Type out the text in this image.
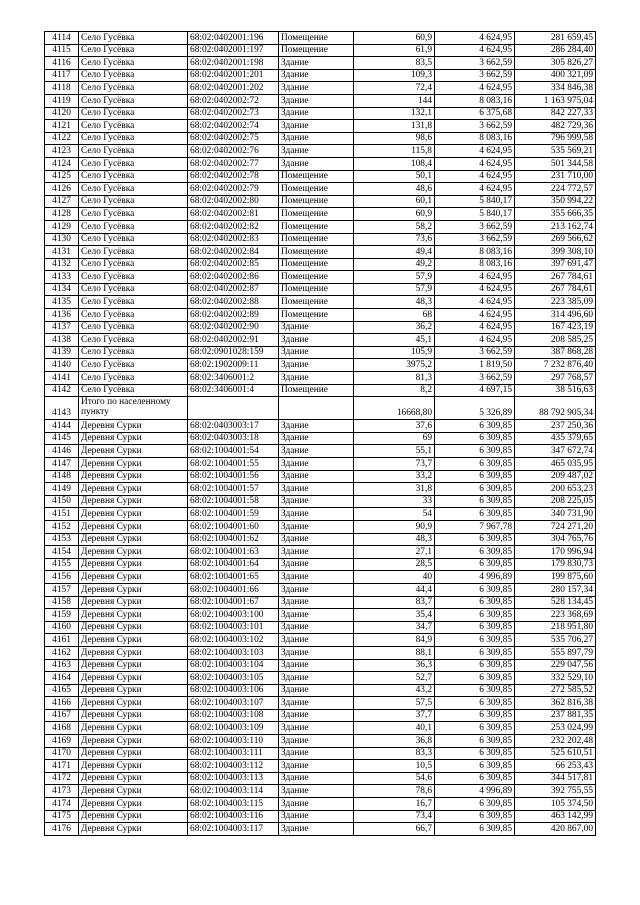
4114	Село Гусёвка	68:02:0402001:196	Помещение	60,9	4 624,95	281 659,45
4115	Село Гусёвка	68:02:0402001:197	Помещение	61,9	4 624,95	286 284,40
4116	Село Гусёвка	68:02:0402001:198	Здание	83,5	3 662,59	305 826,27
4117	Село Гусёвка	68:02:0402001:201	Здание	109,3	3 662,59	400 321,09
4118	Село Гусёвка	68:02:0402001:202	Здание	72,4	4 624,95	334 846,38
4119	Село Гусёвка	68:02:0402002:72	Здание	144	8 083,16	1 163 975,04
4120	Село Гусёвка	68:02:0402002:73	Здание	132,1	6 375,68	842 227,33
4121	Село Гусёвка	68:02:0402002:74	Здание	131,8	3 662,59	482 729,36
4122	Село Гусёвка	68:02:0402002:75	Здание	98,6	8 083,16	796 999,58
4123	Село Гусёвка	68:02:0402002:76	Здание	115,8	4 624,95	535 569,21
4124	Село Гусёвка	68:02:0402002:77	Здание	108,4	4 624,95	501 344,58
4125	Село Гусёвка	68:02:0402002:78	Помещение	50,1	4 624,95	231 710,00
4126	Село Гусёвка	68:02:0402002:79	Помещение	48,6	4 624,95	224 772,57
4127	Село Гусёвка	68:02:0402002:80	Помещение	60,1	5 840,17	350 994,22
4128	Село Гусёвка	68:02:0402002:81	Помещение	60,9	5 840,17	355 666,35
4129	Село Гусёвка	68:02:0402002:82	Помещение	58,2	3 662,59	213 162,74
4130	Село Гусёвка	68:02:0402002:83	Помещение	73,6	3 662,59	269 566,62
4131	Село Гусёвка	68:02:0402002:84	Помещение	49,4	8 083,16	399 308,10
4132	Село Гусёвка	68:02:0402002:85	Помещение	49,2	8 083,16	397 691,47
4133	Село Гусёвка	68:02:0402002:86	Помещение	57,9	4 624,95	267 784,61
4134	Село Гусёвка	68:02:0402002:87	Помещение	57,9	4 624,95	267 784,61
4135	Село Гусёвка	68:02:0402002:88	Помещение	48,3	4 624,95	223 385,09
4136	Село Гусёвка	68:02:0402002:89	Помещение	68	4 624,95	314 496,60
4137	Село Гусёвка	68:02:0402002:90	Здание	36,2	4 624,95	167 423,19
4138	Село Гусёвка	68:02:0402002:91	Здание	45,1	4 624,95	208 585,25
4139	Село Гусёвка	68:02:0901028:159	Здание	105,9	3 662,59	387 868,28
4140	Село Гусёвка	68:02:1902009:11	Здание	3975,2	1 819,50	7 232 876,40
4141	Село Гусёвка	68:02:3406001:2	Здание	81,3	3 662,59	297 768,57
4142	Село Гусёвка	68:02:3406001:4	Помещение	8,2	4 697,15	38 516,63
4143	Итого по населенному пункту			16668,80	5 326,89	88 792 905,34
4144	Деревня Сурки	68:02:0403003:17	Здание	37,6	6 309,85	237 250,36
4145	Деревня Сурки	68:02:0403003:18	Здание	69	6 309,85	435 379,65
4146	Деревня Сурки	68:02:1004001:54	Здание	55,1	6 309,85	347 672,74
4147	Деревня Сурки	68:02:1004001:55	Здание	73,7	6 309,85	465 035,95
4148	Деревня Сурки	68:02:1004001:56	Здание	33,2	6 309,85	209 487,02
4149	Деревня Сурки	68:02:1004001:57	Здание	31,8	6 309,85	200 653,23
4150	Деревня Сурки	68:02:1004001:58	Здание	33	6 309,85	208 225,05
4151	Деревня Сурки	68:02:1004001:59	Здание	54	6 309,85	340 731,90
4152	Деревня Сурки	68:02:1004001:60	Здание	90,9	7 967,78	724 271,20
4153	Деревня Сурки	68:02:1004001:62	Здание	48,3	6 309,85	304 765,76
4154	Деревня Сурки	68:02:1004001:63	Здание	27,1	6 309,85	170 996,94
4155	Деревня Сурки	68:02:1004001:64	Здание	28,5	6 309,85	179 830,73
4156	Деревня Сурки	68:02:1004001:65	Здание	40	4 996,89	199 875,60
4157	Деревня Сурки	68:02:1004001:66	Здание	44,4	6 309,85	280 157,34
4158	Деревня Сурки	68:02:1004001:67	Здание	83,7	6 309,85	528 134,45
4159	Деревня Сурки	68:02:1004003:100	Здание	35,4	6 309,85	223 368,69
4160	Деревня Сурки	68:02:1004003:101	Здание	34,7	6 309,85	218 951,80
4161	Деревня Сурки	68:02:1004003:102	Здание	84,9	6 309,85	535 706,27
4162	Деревня Сурки	68:02:1004003:103	Здание	88,1	6 309,85	555 897,79
4163	Деревня Сурки	68:02:1004003:104	Здание	36,3	6 309,85	229 047,56
4164	Деревня Сурки	68:02:1004003:105	Здание	52,7	6 309,85	332 529,10
4165	Деревня Сурки	68:02:1004003:106	Здание	43,2	6 309,85	272 585,52
4166	Деревня Сурки	68:02:1004003:107	Здание	57,5	6 309,85	362 816,38
4167	Деревня Сурки	68:02:1004003:108	Здание	37,7	6 309,85	237 881,35
4168	Деревня Сурки	68:02:1004003:109	Здание	40,1	6 309,85	253 024,99
4169	Деревня Сурки	68:02:1004003:110	Здание	36,8	6 309,85	232 202,48
4170	Деревня Сурки	68:02:1004003:111	Здание	83,3	6 309,85	525 610,51
4171	Деревня Сурки	68:02:1004003:112	Здание	10,5	6 309,85	66 253,43
4172	Деревня Сурки	68:02:1004003:113	Здание	54,6	6 309,85	344 517,81
4173	Деревня Сурки	68:02:1004003:114	Здание	78,6	4 996,89	392 755,55
4174	Деревня Сурки	68:02:1004003:115	Здание	16,7	6 309,85	105 374,50
4175	Деревня Сурки	68:02:1004003:116	Здание	73,4	6 309,85	463 142,99
4176	Деревня Сурки	68:02:1004003:117	Здание	66,7	6 309,85	420 867,00
